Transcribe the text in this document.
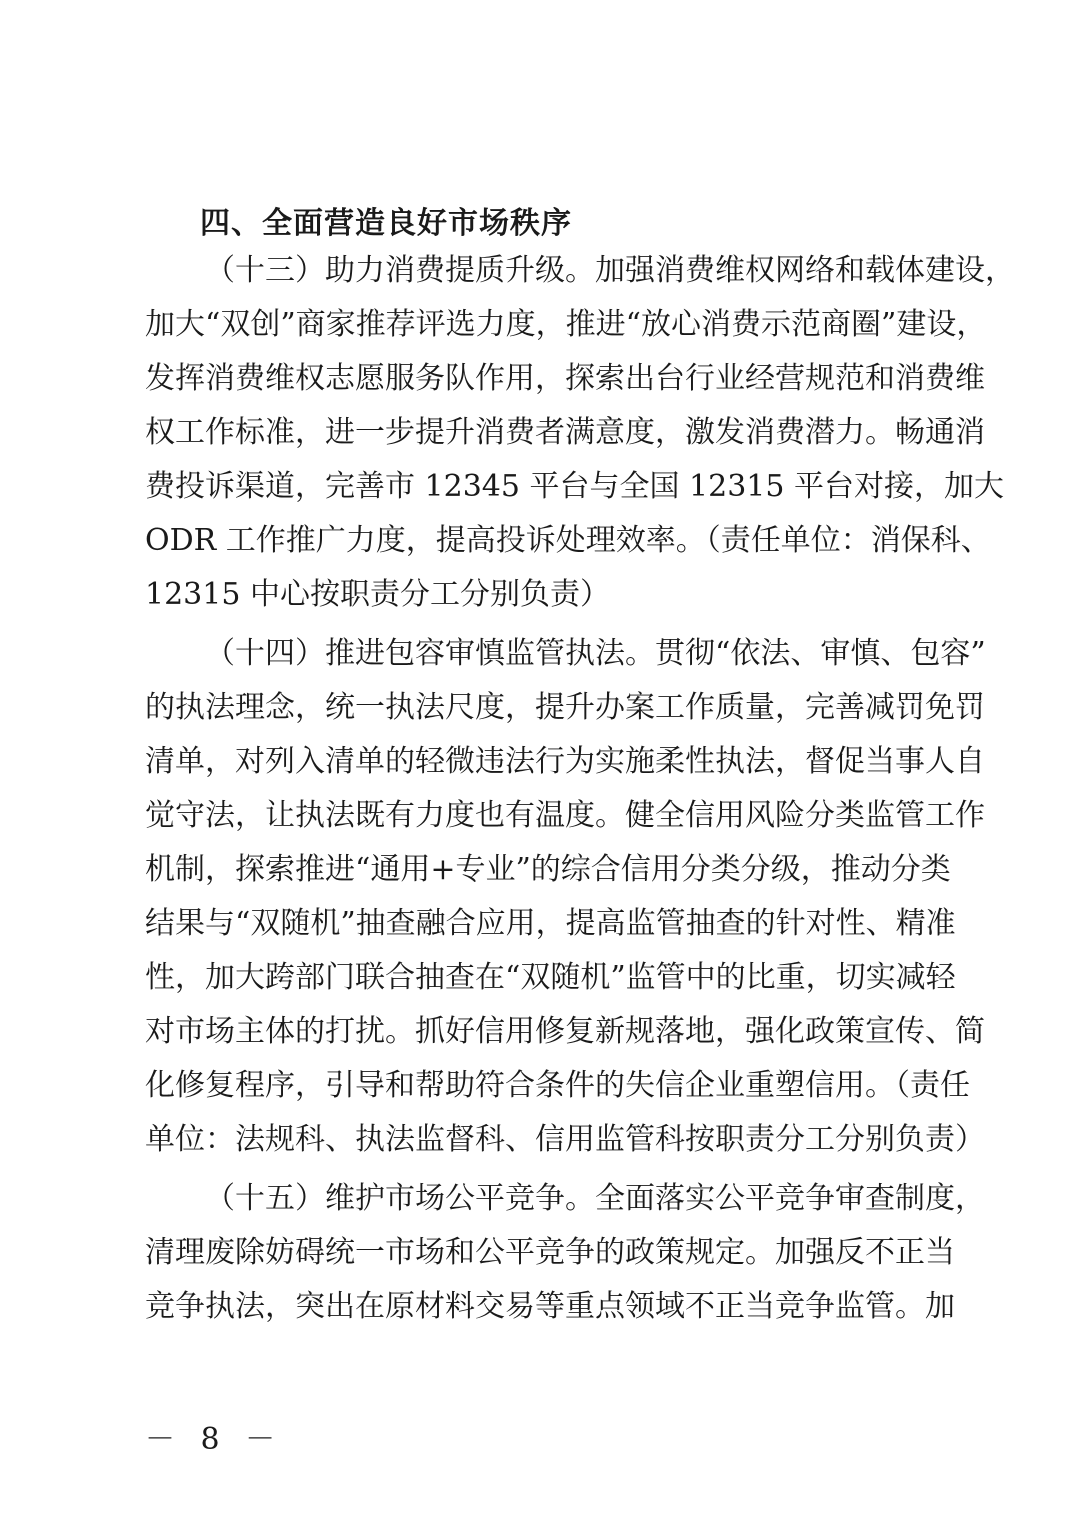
四、全面营造良好市场秩序
（十三）助力消费提质升级。加强消费维权网络和载体建设，
加大“双创”商家推荐评选力度，推进“放心消费示范商圈”建设，
发挥消费维权志愿服务队作用，探索出台行业经营规范和消费维
权工作标准，进一步提升消费者满意度，激发消费潜力。畅通消
费投诉渠道，完善市 12345 平台与全国 12315 平台对接，加大
ODR 工作推广力度，提高投诉处理效率。（责任单位：消保科、
12315 中心按职责分工分别负责）
（十四）推进包容审慎监管执法。贯彻“依法、审慎、包容”
的执法理念，统一执法尺度，提升办案工作质量，完善减罚免罚
清单，对列入清单的轻微违法行为实施柔性执法，督促当事人自
觉守法，让执法既有力度也有温度。健全信用风险分类监管工作
机制，探索推进“通用+专业”的综合信用分类分级，推动分类
结果与“双随机”抽查融合应用，提高监管抽查的针对性、精准
性，加大跨部门联合抽查在“双随机”监管中的比重，切实减轻
对市场主体的打扰。抓好信用修复新规落地，强化政策宣传、简
化修复程序，引导和帮助符合条件的失信企业重塑信用。（责任
单位：法规科、执法监督科、信用监管科按职责分工分别负责）
（十五）维护市场公平竞争。全面落实公平竞争审查制度，
清理废除妨碍统一市场和公平竞争的政策规定。加强反不正当
竞争执法，突出在原材料交易等重点领域不正当竞争监管。加
－ 8 －
